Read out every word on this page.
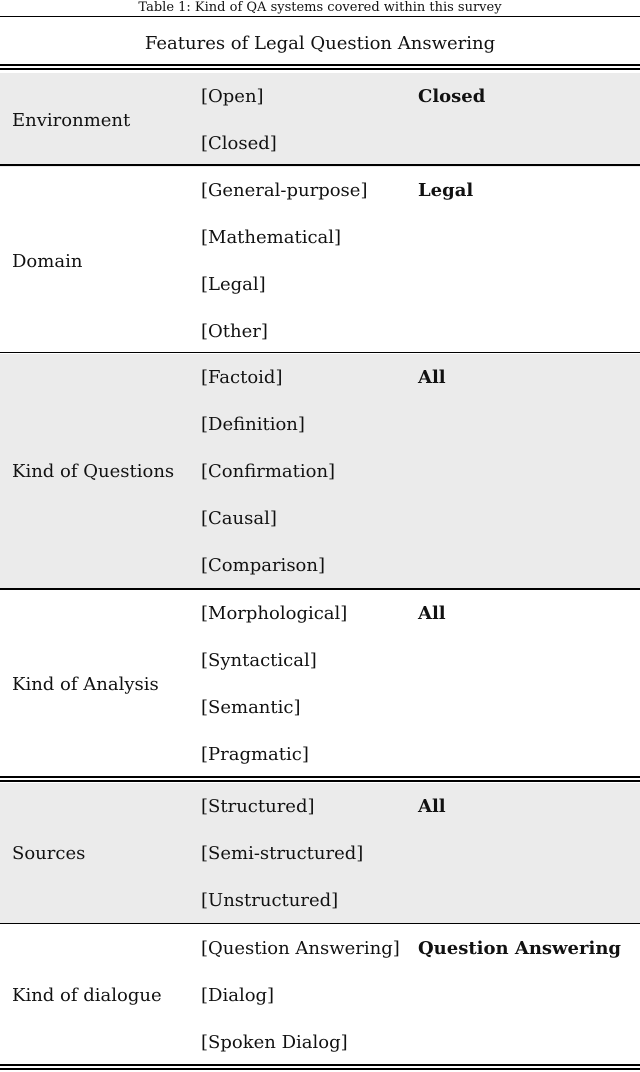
Table 1: Kind of QA systems covered within this survey
Features of Legal Question Answering
Environment
[Open]
[Closed]
Closed
Domain
[General-purpose]
[Mathematical]
[Legal]
[Other]
Legal
Kind of Questions
[Factoid]
[Definition]
[Confirmation]
[Causal]
[Comparison]
All
Kind of Analysis
[Morphological]
[Syntactical]
[Semantic]
[Pragmatic]
All
Sources
[Structured]
[Semi-structured]
[Unstructured]
All
Kind of dialogue
[Question Answering]
[Dialog]
[Spoken Dialog]
Question Answering
